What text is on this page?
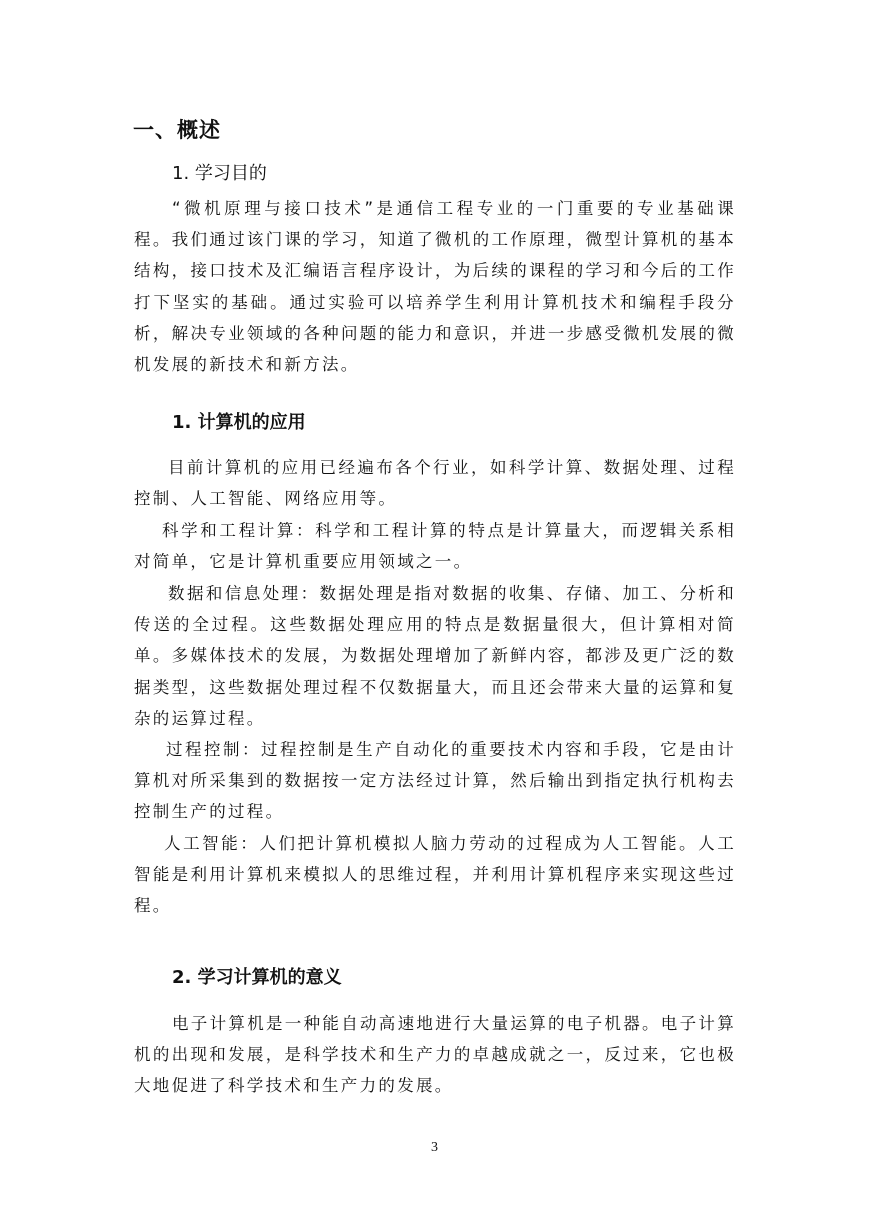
一、概述
1. 学习目的

“微机原理与接口技术”是通信工程专业的一门重要的专业基础课程。我们通过该门课的学习，知道了微机的工作原理，微型计算机的基本结构，接口技术及汇编语言程序设计，为后续的课程的学习和今后的工作打下坚实的基础。通过实验可以培养学生利用计算机技术和编程手段分析，解决专业领域的各种问题的能力和意识，并进一步感受微机发展的微机发展的新技术和新方法。

1. 计算机的应用

目前计算机的应用已经遍布各个行业，如科学计算、数据处理、过程控制、人工智能、网络应用等。

科学和工程计算：科学和工程计算的特点是计算量大，而逻辑关系相对简单，它是计算机重要应用领域之一。

数据和信息处理：数据处理是指对数据的收集、存储、加工、分析和传送的全过程。这些数据处理应用的特点是数据量很大，但计算相对简单。多媒体技术的发展，为数据处理增加了新鲜内容，都涉及更广泛的数据类型，这些数据处理过程不仅数据量大，而且还会带来大量的运算和复杂的运算过程。

过程控制：过程控制是生产自动化的重要技术内容和手段，它是由计算机对所采集到的数据按一定方法经过计算，然后输出到指定执行机构去控制生产的过程。

人工智能：人们把计算机模拟人脑力劳动的过程成为人工智能。人工智能是利用计算机来模拟人的思维过程，并利用计算机程序来实现这些过程。

2. 学习计算机的意义

电子计算机是一种能自动高速地进行大量运算的电子机器。电子计算机的出现和发展，是科学技术和生产力的卓越成就之一，反过来，它也极大地促进了科学技术和生产力的发展。

3
